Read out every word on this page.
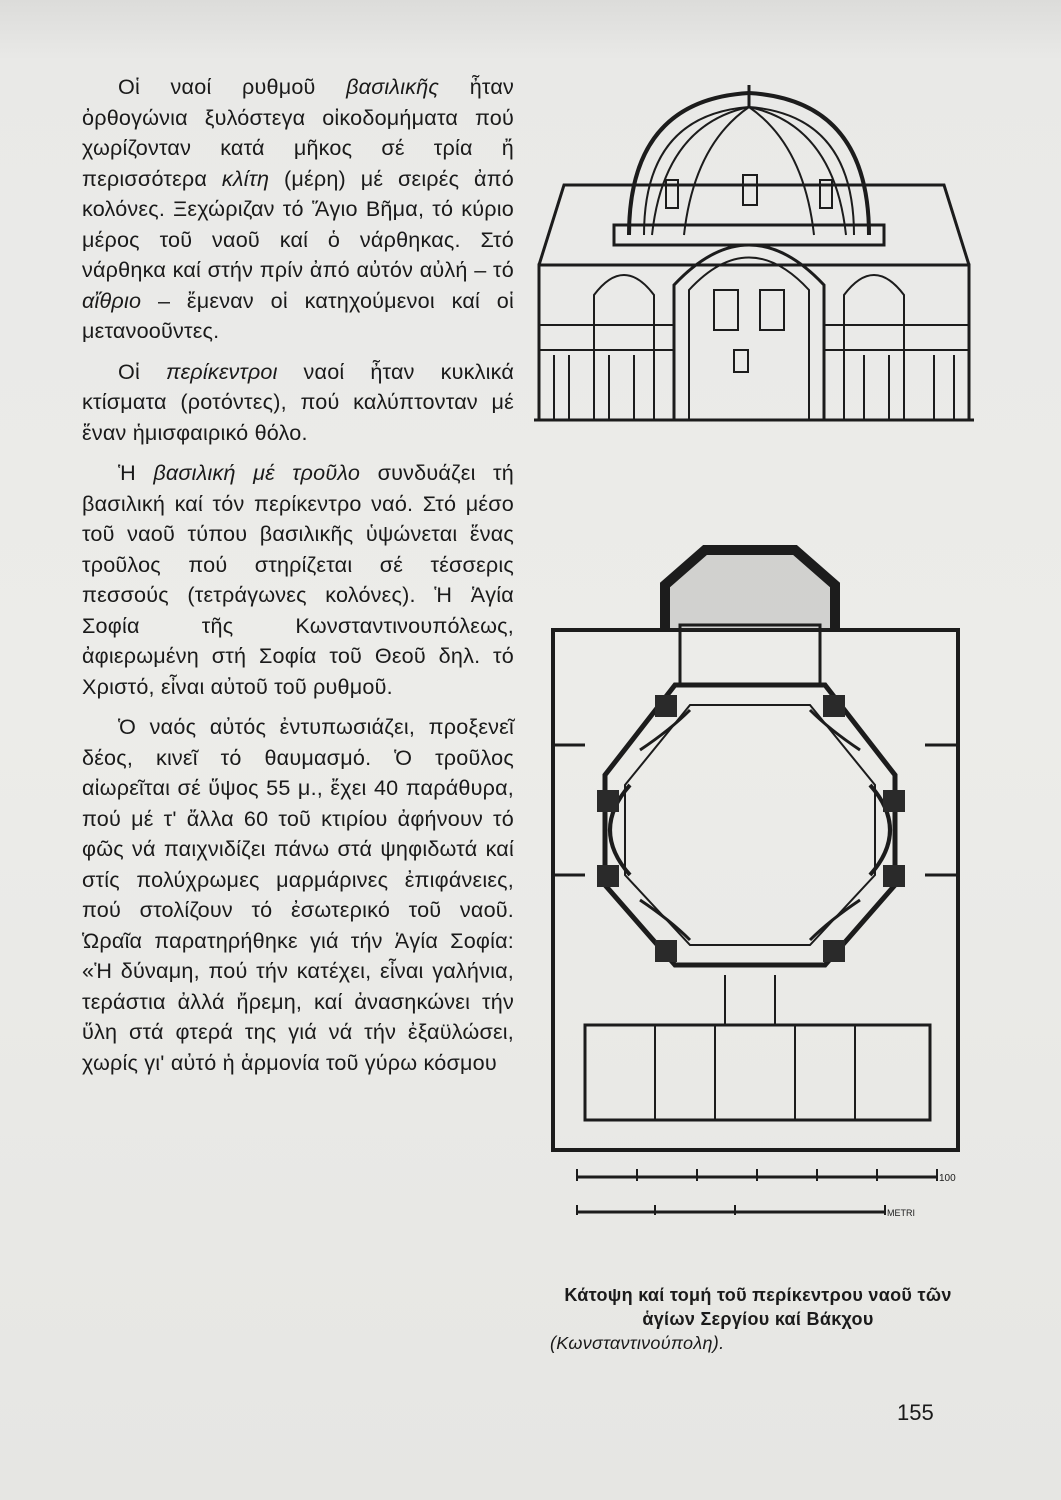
Οἱ ναοί ρυθμοῦ βασιλικῆς ἦταν ὀρθογώνια ξυλόστεγα οἰκοδομήματα πού χωρίζονταν κατά μῆκος σέ τρία ἤ περισσότερα κλίτη (μέρη) μέ σειρές ἀπό κολόνες. Ξεχώριζαν τό Ἅγιο Βῆμα, τό κύριο μέρος τοῦ ναοῦ καί ὁ νάρθηκας. Στό νάρθηκα καί στήν πρίν ἀπό αὐτόν αὐλή – τό αἴθριο – ἔμεναν οἱ κατηχούμενοι καί οἱ μετανοοῦντες.

Οἱ περίκεντροι ναοί ἦταν κυκλικά κτίσματα (ροτόντες), πού καλύπτονταν μέ ἕναν ἡμισφαιρικό θόλο.

Ἡ βασιλική μέ τροῦλο συνδυάζει τή βασιλική καί τόν περίκεντρο ναό. Στό μέσο τοῦ ναοῦ τύπου βασιλικῆς ὑψώνεται ἕνας τροῦλος πού στηρίζεται σέ τέσσερις πεσσούς (τετράγωνες κολόνες). Ἡ Ἁγία Σοφία τῆς Κωνσταντινουπόλεως, ἀφιερωμένη στή Σοφία τοῦ Θεοῦ δηλ. τό Χριστό, εἶναι αὐτοῦ τοῦ ρυθμοῦ.

Ὁ ναός αὐτός ἐντυπωσιάζει, προξενεῖ δέος, κινεῖ τό θαυμασμό. Ὁ τροῦλος αἰωρεῖται σέ ὕψος 55 μ., ἔχει 40 παράθυρα, πού μέ τ' ἄλλα 60 τοῦ κτιρίου ἀφήνουν τό φῶς νά παιχνιδίζει πάνω στά ψηφιδωτά καί στίς πολύχρωμες μαρμάρινες ἐπιφάνειες, πού στολίζουν τό ἐσωτερικό τοῦ ναοῦ. Ὡραῖα παρατηρήθηκε γιά τήν Ἁγία Σοφία: «Ἡ δύναμη, πού τήν κατέχει, εἶναι γαλήνια, τεράστια ἀλλά ἤρεμη, καί ἀνασηκώνει τήν ὕλη στά φτερά της γιά νά τήν ἐξαϋλώσει, χωρίς γι' αὐτό ἡ ἁρμονία τοῦ γύρω κόσμου

100
METRI
Κάτοψη καί τομή τοῦ περίκεντρου ναοῦ τῶν ἁγίων Σεργίου καί Βάκχου
(Κωνσταντινούπολη).
155
